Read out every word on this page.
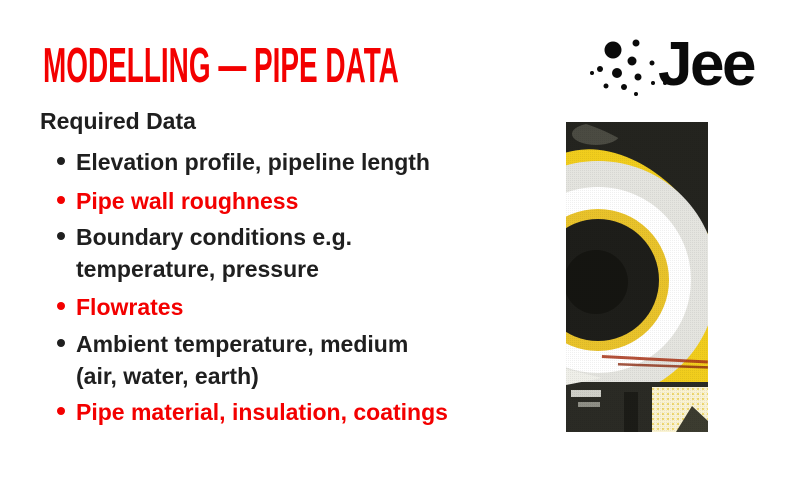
MODELLING — PIPE DATA
Required Data
Elevation profile, pipeline length
Pipe wall roughness
Boundary conditions e.g.
temperature, pressure
Flowrates
Ambient temperature, medium
(air, water, earth)
Pipe material, insulation, coatings
Jee
